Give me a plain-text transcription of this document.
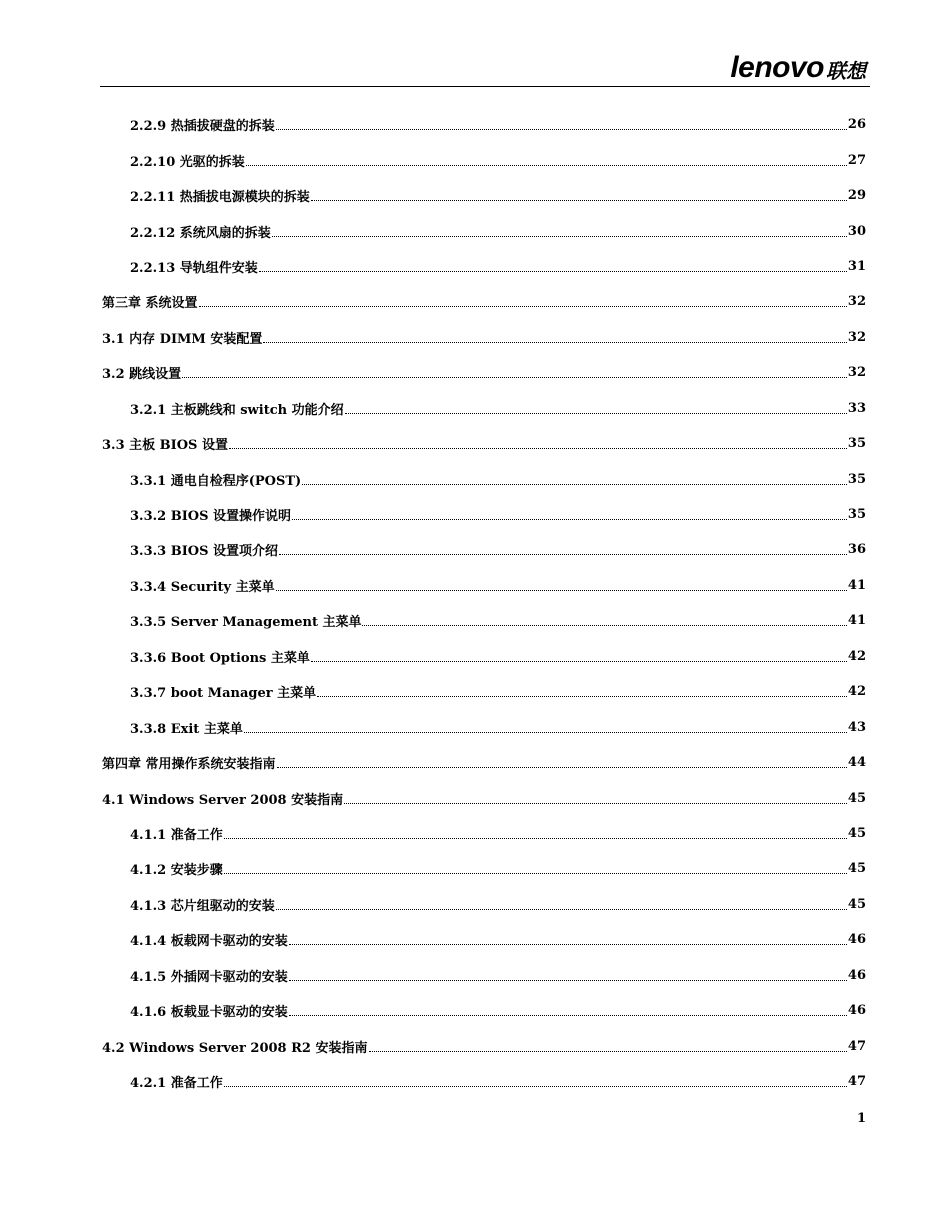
lenovo 联想
2.2.9 热插拔硬盘的拆装	26
2.2.10 光驱的拆装	27
2.2.11 热插拔电源模块的拆装	29
2.2.12 系统风扇的拆装	30
2.2.13 导轨组件安装	31
第三章 系统设置	32
3.1 内存 DIMM 安装配置	32
3.2 跳线设置	32
3.2.1 主板跳线和 switch 功能介绍	33
3.3 主板 BIOS 设置	35
3.3.1 通电自检程序(POST)	35
3.3.2 BIOS 设置操作说明	35
3.3.3 BIOS 设置项介绍	36
3.3.4 Security 主菜单	41
3.3.5 Server Management 主菜单	41
3.3.6 Boot Options 主菜单	42
3.3.7 boot Manager 主菜单	42
3.3.8 Exit 主菜单	43
第四章 常用操作系统安装指南	44
4.1 Windows Server 2008 安装指南	45
4.1.1 准备工作	45
4.1.2 安装步骤	45
4.1.3 芯片组驱动的安装	45
4.1.4 板载网卡驱动的安装	46
4.1.5 外插网卡驱动的安装	46
4.1.6 板载显卡驱动的安装	46
4.2 Windows Server 2008 R2 安装指南	47
4.2.1 准备工作	47
1
